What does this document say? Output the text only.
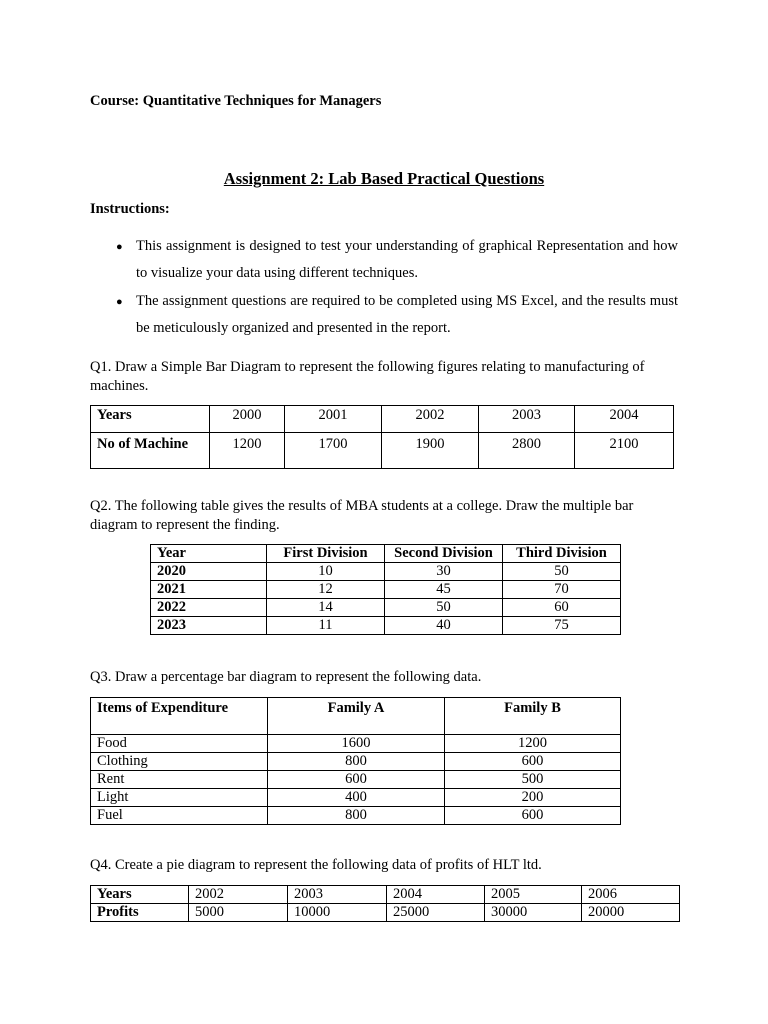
Course: Quantitative Techniques for Managers
Assignment 2: Lab Based Practical Questions
Instructions:
● This assignment is designed to test your understanding of graphical Representation and how to visualize your data using different techniques.
● The assignment questions are required to be completed using MS Excel, and the results must be meticulously organized and presented in the report.
Q1. Draw a Simple Bar Diagram to represent the following figures relating to manufacturing of machines.
Years	2000	2001	2002	2003	2004
No of Machine	1200	1700	1900	2800	2100
Q2. The following table gives the results of MBA students at a college. Draw the multiple bar diagram to represent the finding.
Year	First Division	Second Division	Third Division
2020	10	30	50
2021	12	45	70
2022	14	50	60
2023	11	40	75
Q3. Draw a percentage bar diagram to represent the following data.
Items of Expenditure	Family A	Family B
Food	1600	1200
Clothing	800	600
Rent	600	500
Light	400	200
Fuel	800	600
Q4. Create a pie diagram to represent the following data of profits of HLT ltd.
Years	2002	2003	2004	2005	2006
Profits	5000	10000	25000	30000	20000
